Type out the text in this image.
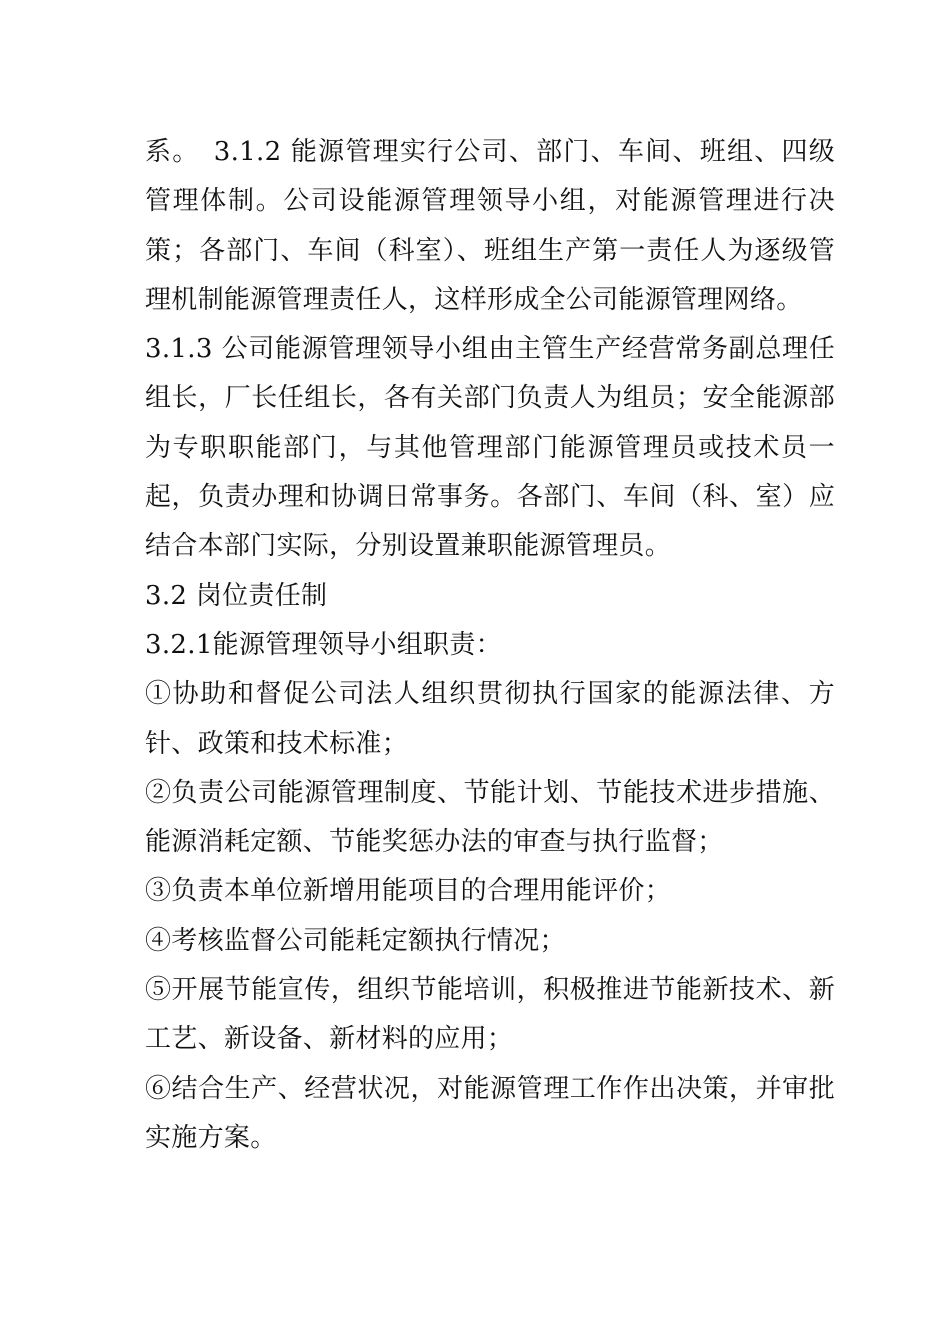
系。　3.1.2 能源管理实行公司、部门、车间、班组、四级管理体制。公司设能源管理领导小组，对能源管理进行决策；各部门、车间（科室）、班组生产第一责任人为逐级管理机制能源管理责任人，这样形成全公司能源管理网络。

3.1.3 公司能源管理领导小组由主管生产经营常务副总理任组长，厂长任组长，各有关部门负责人为组员；安全能源部为专职职能部门，与其他管理部门能源管理员或技术员一起，负责办理和协调日常事务。各部门、车间（科、室）应结合本部门实际，分别设置兼职能源管理员。

3.2 岗位责任制

3.2.1能源管理领导小组职责：

①协助和督促公司法人组织贯彻执行国家的能源法律、方针、政策和技术标准；

②负责公司能源管理制度、节能计划、节能技术进步措施、能源消耗定额、节能奖惩办法的审查与执行监督；

③负责本单位新增用能项目的合理用能评价；

④考核监督公司能耗定额执行情况；

⑤开展节能宣传，组织节能培训，积极推进节能新技术、新工艺、新设备、新材料的应用；

⑥结合生产、经营状况，对能源管理工作作出决策，并审批实施方案。
